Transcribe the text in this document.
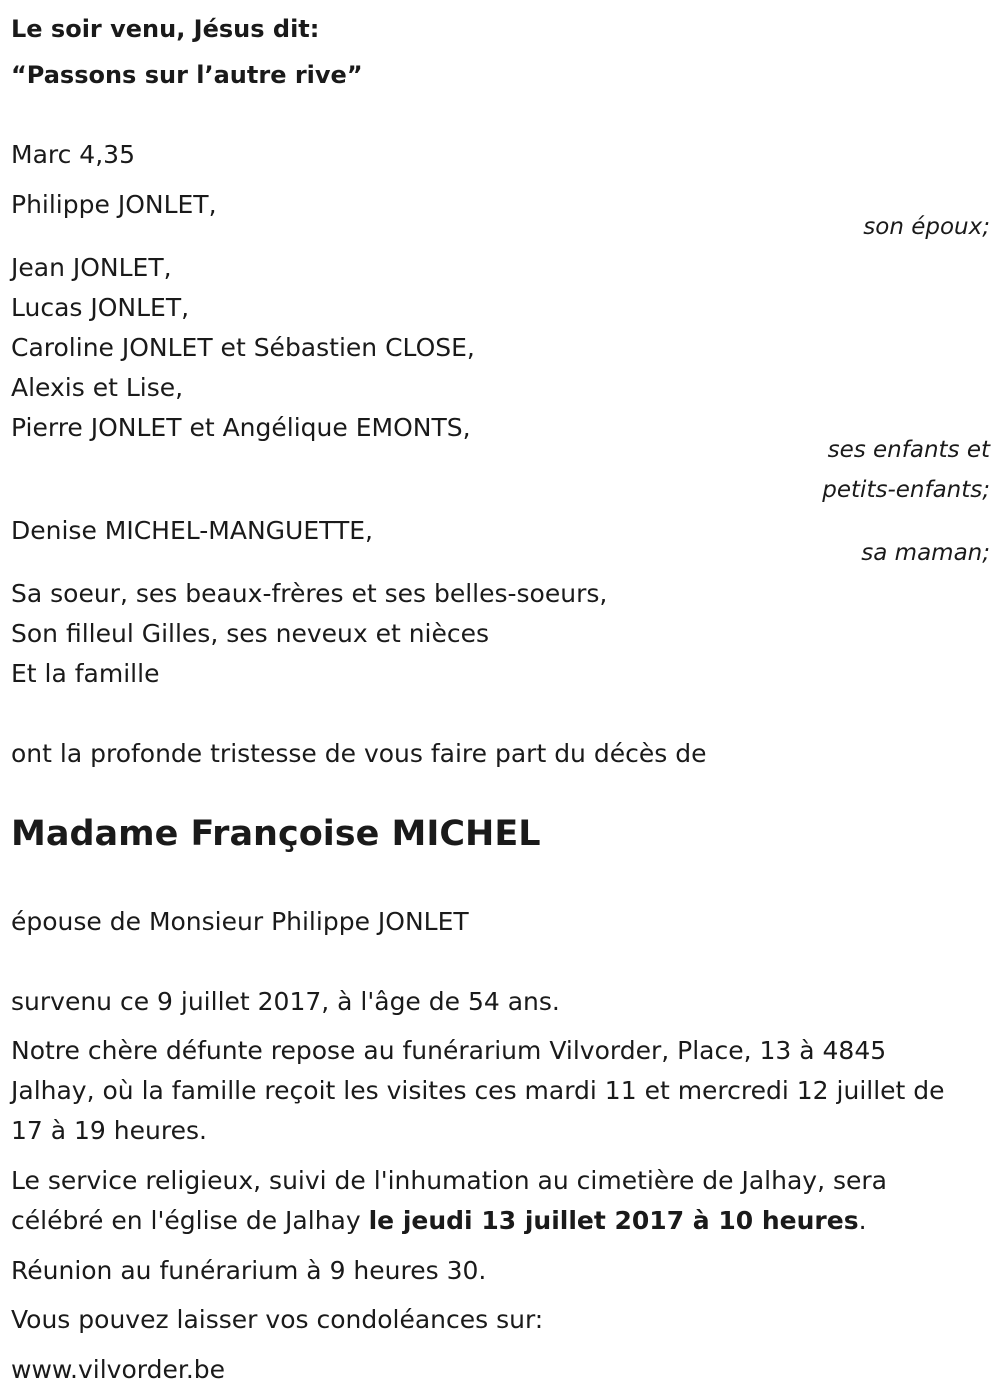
Le soir venu, Jésus dit:
“Passons sur l’autre rive”
Marc 4,35
Philippe JONLET,
son époux;
Jean JONLET,
Lucas JONLET,
Caroline JONLET et Sébastien CLOSE,
Alexis et Lise,
Pierre JONLET et Angélique EMONTS,
ses enfants et
petits-enfants;
Denise MICHEL-MANGUETTE,
sa maman;
Sa soeur, ses beaux-frères et ses belles-soeurs,
Son filleul Gilles, ses neveux et nièces
Et la famille
ont la profonde tristesse de vous faire part du décès de
Madame Françoise MICHEL
épouse de Monsieur Philippe JONLET
survenu ce 9 juillet 2017, à l'âge de 54 ans.
Notre chère défunte repose au funérarium Vilvorder, Place, 13 à 4845
Jalhay, où la famille reçoit les visites ces mardi 11 et mercredi 12 juillet de
17 à 19 heures.
Le service religieux, suivi de l'inhumation au cimetière de Jalhay, sera
célébré en l'église de Jalhay le jeudi 13 juillet 2017 à 10 heures.
Réunion au funérarium à 9 heures 30.
Vous pouvez laisser vos condoléances sur:
www.vilvorder.be
